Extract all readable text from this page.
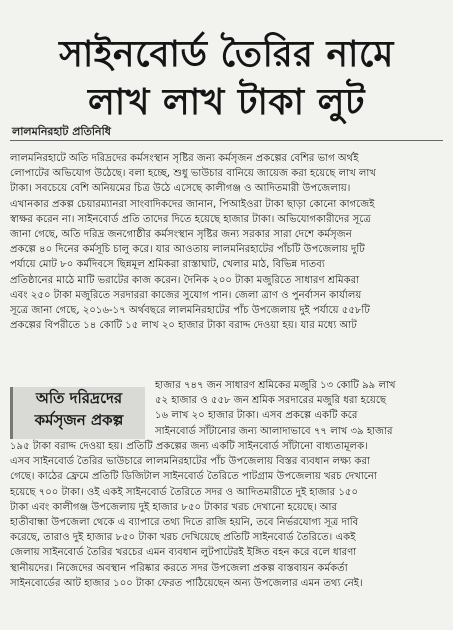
সাইনবোর্ড তৈরির নামে
লাখ লাখ টাকা লুট
লালমনিরহাট প্রতিনিধি
লালমনিরহাটে অতি দরিদ্রদের কর্মসংস্থান সৃষ্টির জন্য কর্মসৃজন প্রকল্পের বেশির ভাগ অর্থই
লোপাটের অভিযোগ উঠেছে। বলা হচ্ছে, শুধু ভাউচার বানিয়ে জায়েজ করা হয়েছে লাখ লাখ
টাকা। সবচেয়ে বেশি অনিয়মের চিত্র উঠে এসেছে কালীগঞ্জ ও আদিতমারী উপজেলায়।
এখানকার প্রকল্প চেয়ারম্যানরা সাংবাদিকদের জানান, পিআইওরা টাকা ছাড়া কোনো কাগজেই
স্বাক্ষর করেন না। সাইনবোর্ড প্রতি তাদের দিতে হয়েছে হাজার টাকা। অভিযোগকারীদের সূত্রে
জানা গেছে, অতি দরিদ্র জনগোষ্ঠীর কর্মসংস্থান সৃষ্টির জন্য সরকার সারা দেশে কর্মসৃজন
প্রকল্পে ৪০ দিনের কর্মসূচি চালু করে। যার আওতায় লালমনিরহাটের পাঁচটি উপজেলায় দুটি
পর্যায়ে মোট ৮০ কর্মদিবসে ছিন্নমূল শ্রমিকরা রাস্তাঘাট, খেলার মাঠ, বিভিন্ন দাতব্য
প্রতিষ্ঠানের মাঠে মাটি ভরাটের কাজ করেন। দৈনিক ২০০ টাকা মজুরিতে সাধারণ শ্রমিকরা
এবং ২৫০ টাকা মজুরিতে সরদাররা কাজের সুযোগ পান। জেলা ত্রাণ ও পুনর্বাসন কার্যালয়
সূত্রে জানা গেছে, ২০১৬-১৭ অর্থবছরে লালমনিরহাটের পাঁচ উপজেলায় দুই পর্যায়ে ৫৫৮টি
প্রকল্পের বিপরীতে ১৪ কোটি ১৫ লাখ ২০ হাজার টাকা বরাদ্দ দেওয়া হয়। যার মধ্যে আট
অতি দরিদ্রদের
কর্মসৃজন প্রকল্প
হাজার ৭৪৭ জন সাধারণ শ্রমিকের মজুরি ১৩ কোটি ৯৯ লাখ
৫২ হাজার ও ৫৫৮ জন শ্রমিক সরদারের মজুরি ধরা হয়েছে
১৬ লাখ ২০ হাজার টাকা। এসব প্রকল্পে একটি করে
সাইনবোর্ড সাঁটানোর জন্য আলাদাভাবে ৭৭ লাখ ৩৯ হাজার
১৯৫ টাকা বরাদ্দ দেওয়া হয়। প্রতিটি প্রকল্পের জন্য একটি সাইনবোর্ড সাঁটানো বাধ্যতামূলক।
এসব সাইনবোর্ড তৈরির ভাউচারে লালমনিরহাটের পাঁচ উপজেলায় বিস্তর ব্যবধান লক্ষ্য করা
গেছে। কাঠের ফ্রেমে প্রতিটি ডিজিটাল সাইনবোর্ড তৈরিতে পাটগ্রাম উপজেলায় খরচ দেখানো
হয়েছে ৭০০ টাকা। ওই একই সাইনবোর্ড তৈরিতে সদর ও আদিতমারীতে দুই হাজার ১৫০
টাকা এবং কালীগঞ্জ উপজেলায় দুই হাজার ৮৫০ টাকার খরচ দেখানো হয়েছে। আর
হাতীবান্ধা উপজেলা থেকে এ ব্যাপারে তথ্য দিতে রাজি হয়নি, তবে নির্ভরযোগ্য সূত্র দাবি
করেছে, তারাও দুই হাজার ৮৫০ টাকা খরচ দেখিয়েছে প্রতিটি সাইনবোর্ড তৈরিতে। একই
জেলায় সাইনবোর্ড তৈরির খরচের এমন ব্যবধান লুটপাটেরই ইঙ্গিত বহন করে বলে ধারণা
স্থানীয়দের। নিজেদের অবস্থান পরিষ্কার করতে সদর উপজেলা প্রকল্প বাস্তবায়ন কর্মকর্তা
সাইনবোর্ডের আট হাজার ১০০ টাকা ফেরত পাঠিয়েছেন অন্য উপজেলার এমন তথ্য নেই।
